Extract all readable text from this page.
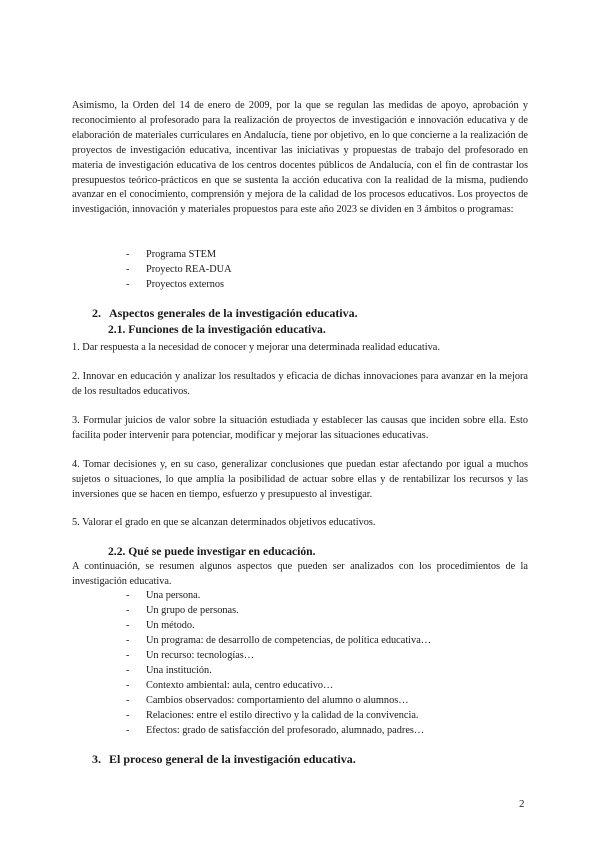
Asimismo, la Orden del 14 de enero de 2009, por la que se regulan las medidas de apoyo, aprobación y reconocimiento al profesorado para la realización de proyectos de investigación e innovación educativa y de elaboración de materiales curriculares en Andalucía, tiene por objetivo, en lo que concierne a la realización de proyectos de investigación educativa, incentivar las iniciativas y propuestas de trabajo del profesorado en materia de investigación educativa de los centros docentes públicos de Andalucía, con el fin de contrastar los presupuestos teórico-prácticos en que se sustenta la acción educativa con la realidad de la misma, pudiendo avanzar en el conocimiento, comprensión y mejora de la calidad de los procesos educativos. Los proyectos de investigación, innovación y materiales propuestos para este año 2023 se dividen en 3 ámbitos o programas:

- Programa STEM
- Proyecto REA-DUA
- Proyectos externos
2. Aspectos generales de la investigación educativa.
2.1. Funciones de la investigación educativa.

1. Dar respuesta a la necesidad de conocer y mejorar una determinada realidad educativa.

2. Innovar en educación y analizar los resultados y eficacia de dichas innovaciones para avanzar en la mejora de los resultados educativos.

3. Formular juicios de valor sobre la situación estudiada y establecer las causas que inciden sobre ella. Esto facilita poder intervenir para potenciar, modificar y mejorar las situaciones educativas.

4. Tomar decisiones y, en su caso, generalizar conclusiones que puedan estar afectando por igual a muchos sujetos o situaciones, lo que amplía la posibilidad de actuar sobre ellas y de rentabilizar los recursos y las inversiones que se hacen en tiempo, esfuerzo y presupuesto al investigar.

5. Valorar el grado en que se alcanzan determinados objetivos educativos.

2.2. Qué se puede investigar en educación.

A continuación, se resumen algunos aspectos que pueden ser analizados con los procedimientos de la investigación educativa.

- Una persona.
- Un grupo de personas.
- Un método.
- Un programa: de desarrollo de competencias, de política educativa…
- Un recurso: tecnologías…
- Una institución.
- Contexto ambiental: aula, centro educativo…
- Cambios observados: comportamiento del alumno o alumnos…
- Relaciones: entre el estilo directivo y la calidad de la convivencia.
- Efectos: grado de satisfacción del profesorado, alumnado, padres…
3. El proceso general de la investigación educativa.
2
